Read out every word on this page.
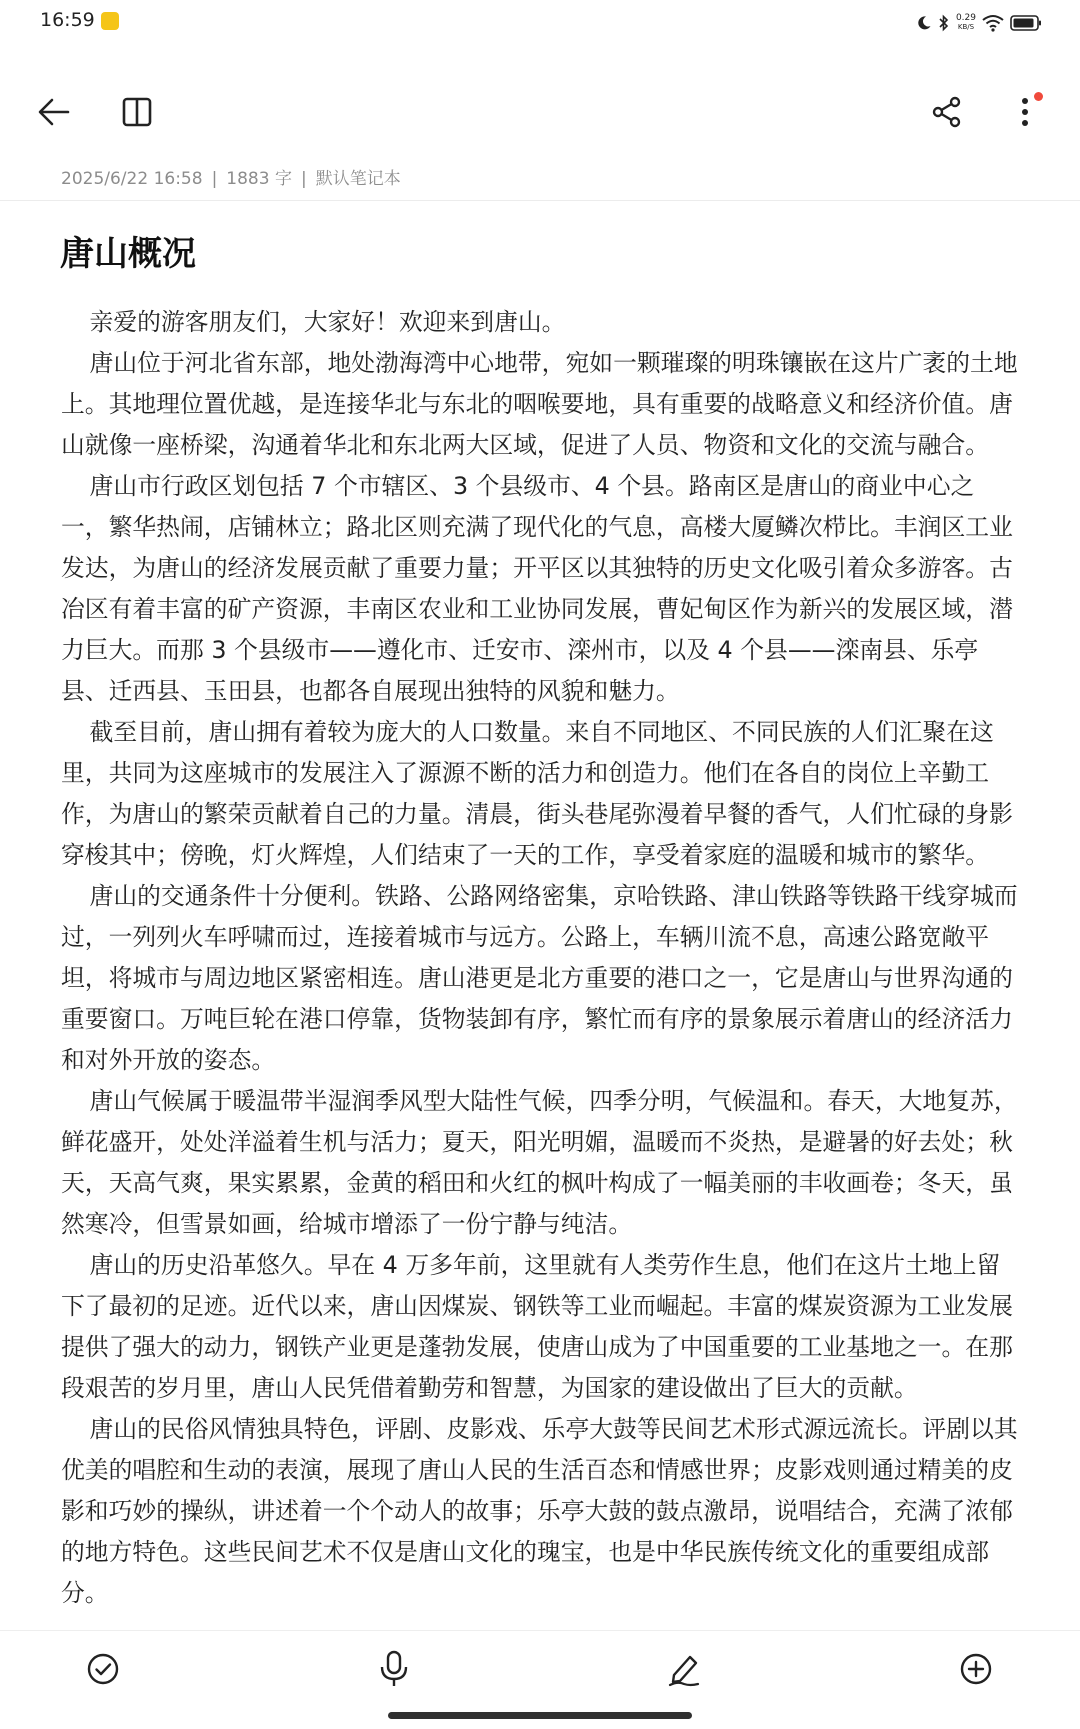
16:59	0.29
KB/S
2025/6/22 16:58 | 1883 字 | 默认笔记本
唐山概况

亲爱的游客朋友们，大家好！欢迎来到唐山。

唐山位于河北省东部，地处渤海湾中心地带，宛如一颗璀璨的明珠镶嵌在这片广袤的土地上。其地理位置优越，是连接华北与东北的咽喉要地，具有重要的战略意义和经济价值。唐山就像一座桥梁，沟通着华北和东北两大区域，促进了人员、物资和文化的交流与融合。

唐山市行政区划包括 7 个市辖区、3 个县级市、4 个县。路南区是唐山的商业中心之一，繁华热闹，店铺林立；路北区则充满了现代化的气息，高楼大厦鳞次栉比。丰润区工业发达，为唐山的经济发展贡献了重要力量；开平区以其独特的历史文化吸引着众多游客。古冶区有着丰富的矿产资源，丰南区农业和工业协同发展，曹妃甸区作为新兴的发展区域，潜力巨大。而那 3 个县级市——遵化市、迁安市、滦州市，以及 4 个县——滦南县、乐亭县、迁西县、玉田县，也都各自展现出独特的风貌和魅力。

截至目前，唐山拥有着较为庞大的人口数量。来自不同地区、不同民族的人们汇聚在这里，共同为这座城市的发展注入了源源不断的活力和创造力。他们在各自的岗位上辛勤工作，为唐山的繁荣贡献着自己的力量。清晨，街头巷尾弥漫着早餐的香气，人们忙碌的身影穿梭其中；傍晚，灯火辉煌，人们结束了一天的工作，享受着家庭的温暖和城市的繁华。

唐山的交通条件十分便利。铁路、公路网络密集，京哈铁路、津山铁路等铁路干线穿城而过，一列列火车呼啸而过，连接着城市与远方。公路上，车辆川流不息，高速公路宽敞平坦，将城市与周边地区紧密相连。唐山港更是北方重要的港口之一，它是唐山与世界沟通的重要窗口。万吨巨轮在港口停靠，货物装卸有序，繁忙而有序的景象展示着唐山的经济活力和对外开放的姿态。

唐山气候属于暖温带半湿润季风型大陆性气候，四季分明，气候温和。春天，大地复苏，鲜花盛开，处处洋溢着生机与活力；夏天，阳光明媚，温暖而不炎热，是避暑的好去处；秋天，天高气爽，果实累累，金黄的稻田和火红的枫叶构成了一幅美丽的丰收画卷；冬天，虽然寒冷，但雪景如画，给城市增添了一份宁静与纯洁。

唐山的历史沿革悠久。早在 4 万多年前，这里就有人类劳作生息，他们在这片土地上留下了最初的足迹。近代以来，唐山因煤炭、钢铁等工业而崛起。丰富的煤炭资源为工业发展提供了强大的动力，钢铁产业更是蓬勃发展，使唐山成为了中国重要的工业基地之一。在那段艰苦的岁月里，唐山人民凭借着勤劳和智慧，为国家的建设做出了巨大的贡献。

唐山的民俗风情独具特色，评剧、皮影戏、乐亭大鼓等民间艺术形式源远流长。评剧以其优美的唱腔和生动的表演，展现了唐山人民的生活百态和情感世界；皮影戏则通过精美的皮影和巧妙的操纵，讲述着一个个动人的故事；乐亭大鼓的鼓点激昂，说唱结合，充满了浓郁的地方特色。这些民间艺术不仅是唐山文化的瑰宝，也是中华民族传统文化的重要组成部分。
